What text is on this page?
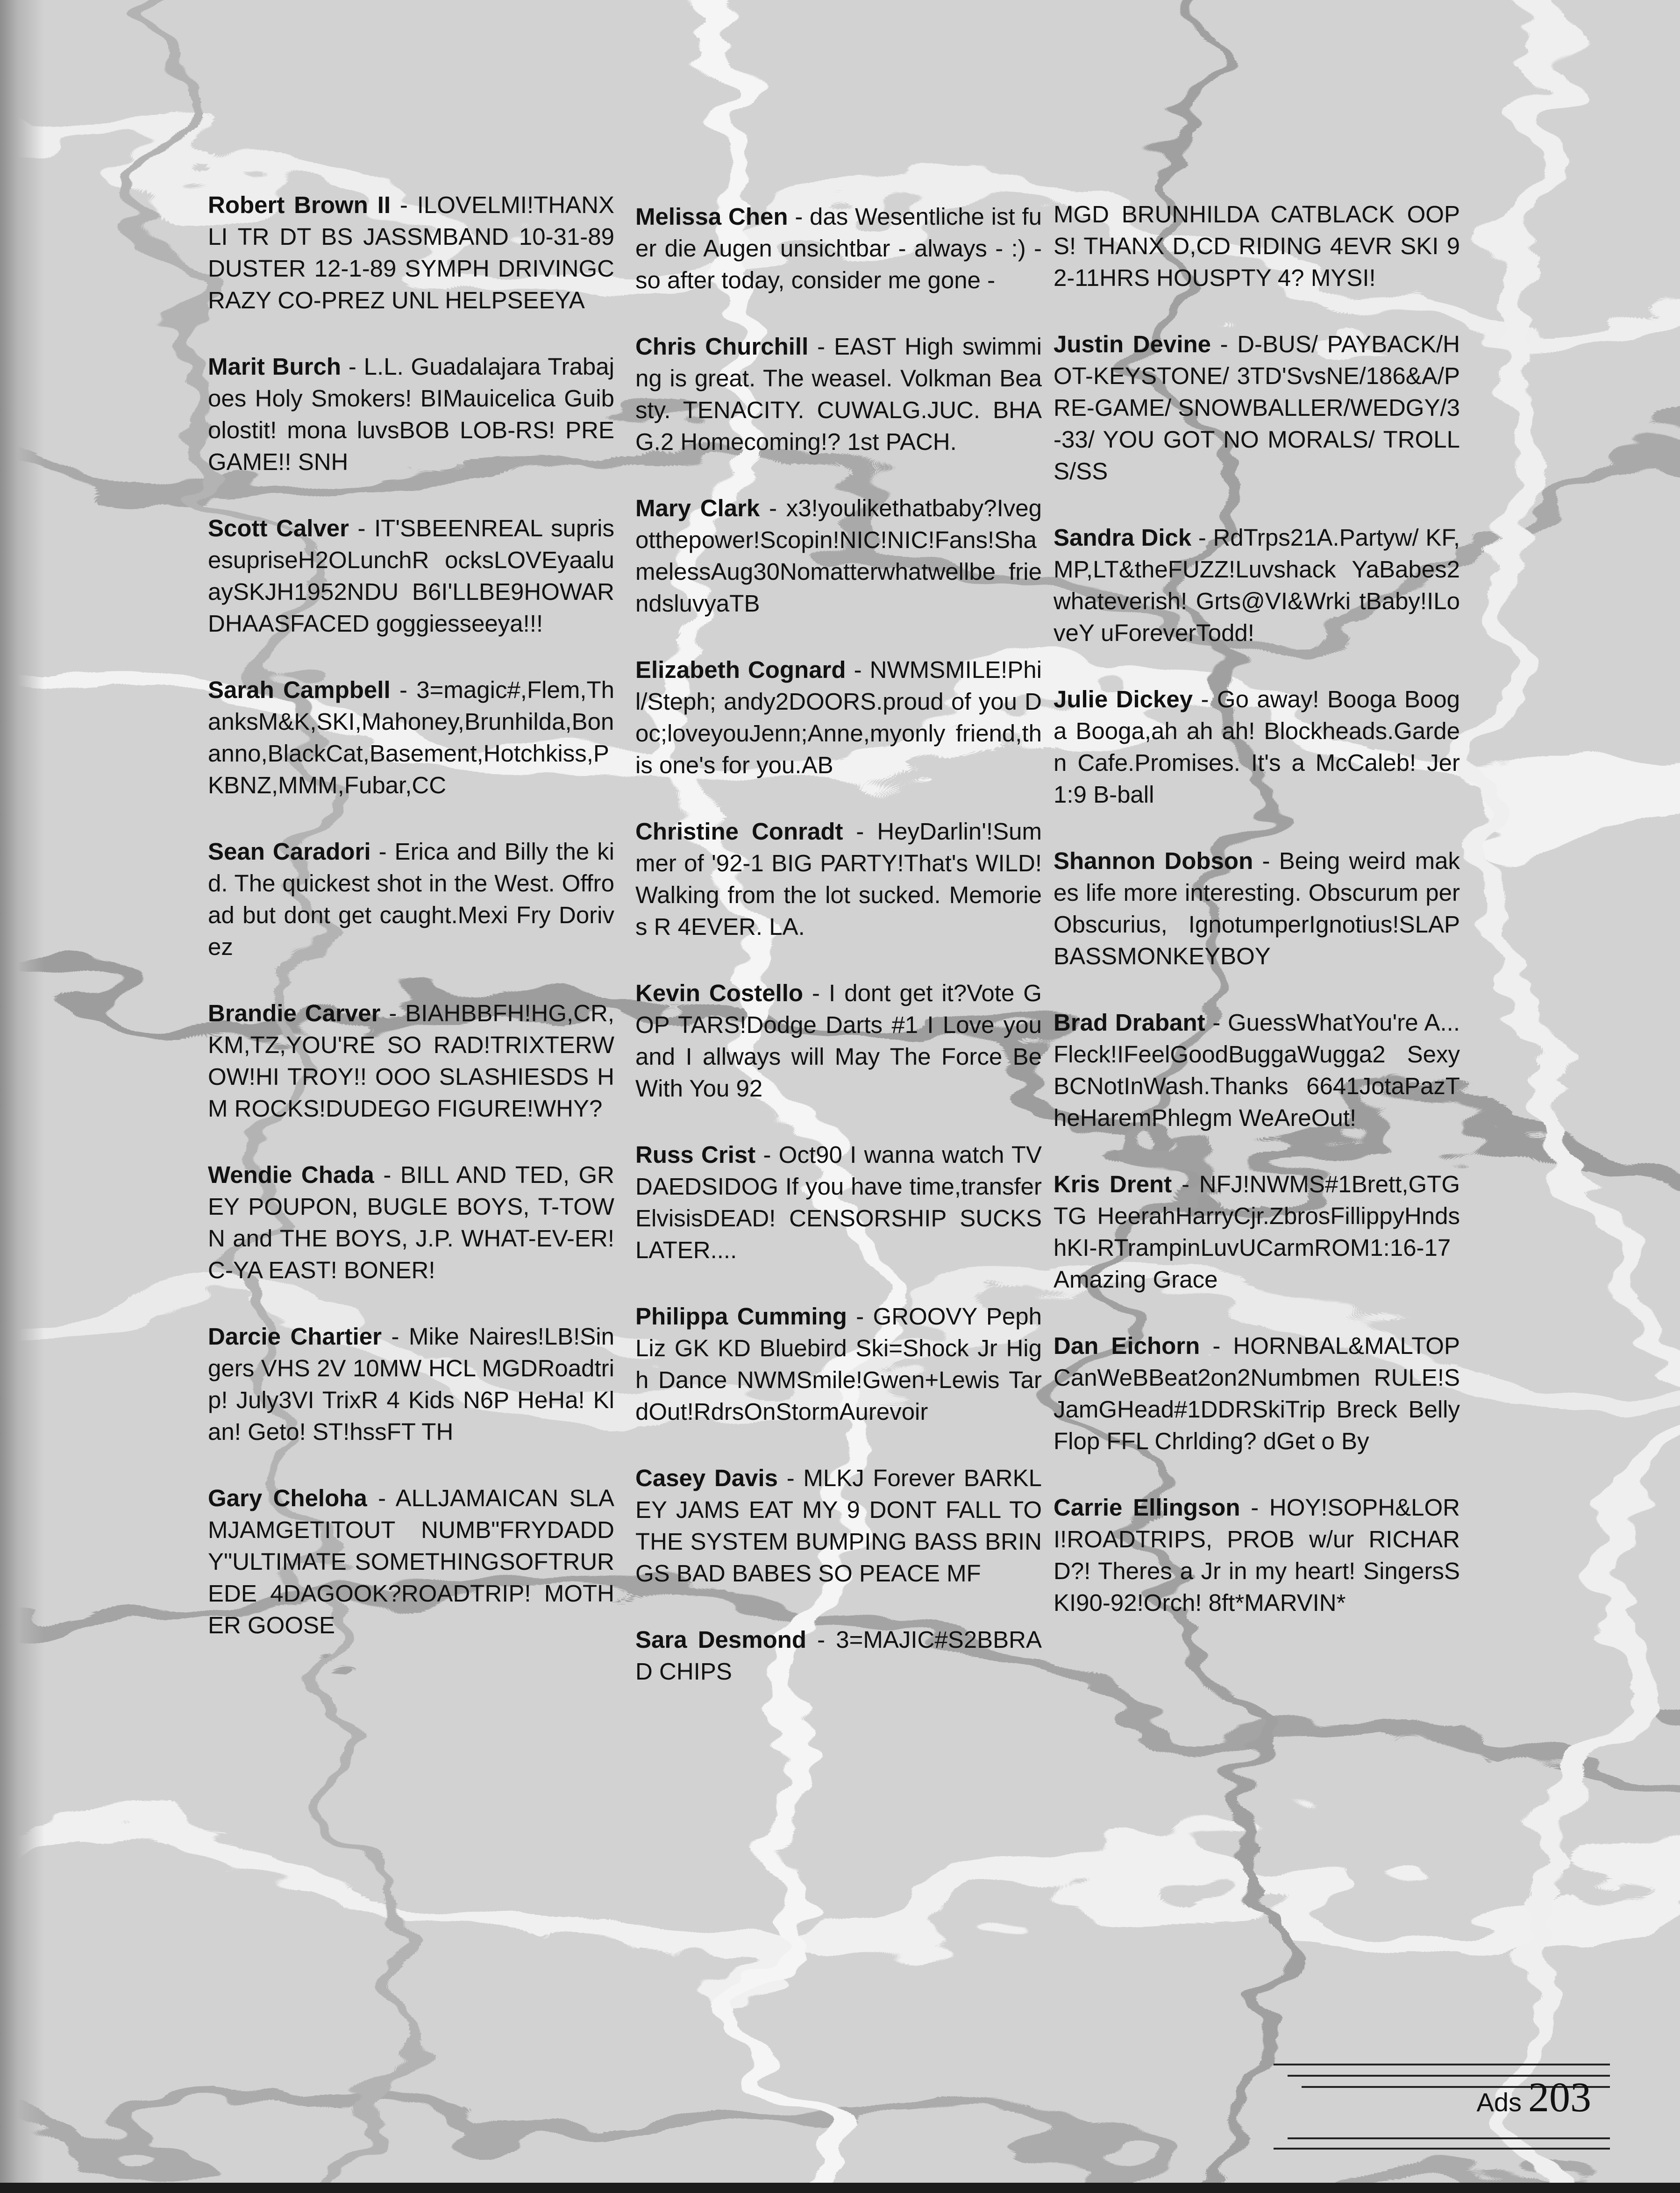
Robert Brown II - ILOVELMI!THANXLI TR DT BS JASSMBAND 10-31-89 DUSTER 12-1-89 SYMPH DRIVINGCRAZY CO-PREZ UNL HELPSEEYA

Marit Burch - L.L. Guadalajara Trabajoes Holy Smokers! BIMauicelica Guibolostit! mona luvsBOB LOB-RS! PREGAME!! SNH

Scott Calver - IT'SBEENREAL suprisesupriseH2OLunchR ocksLOVEyaaluaySKJH1952NDU B6I'LLBE9HOWARDHAASFACED goggiesseeya!!!

Sarah Campbell - 3=magic#,Flem,ThanksM&K,SKI,Mahoney,Brunhilda,Bonanno,BlackCat,Basement,Hotchkiss,PKBNZ,MMM,Fubar,CC

Sean Caradori - Erica and Billy the kid. The quickest shot in the West. Offroad but dont get caught.Mexi Fry Dorivez

Brandie Carver - BIAHBBFH!HG,CR,KM,TZ,YOU'RE SO RAD!TRIXTERWOW!HI TROY!! OOO SLASHIESDS HM ROCKS!DUDEGO FIGURE!WHY?

Wendie Chada - BILL AND TED, GREY POUPON, BUGLE BOYS, T-TOWN and THE BOYS, J.P. WHAT-EV-ER! C-YA EAST! BONER!

Darcie Chartier - Mike Naires!LB!Singers VHS 2V 10MW HCL MGDRoadtrip! July3VI TrixR 4 Kids N6P HeHa! Klan! Geto! ST!hssFT TH

Gary Cheloha - ALLJAMAICAN SLAMJAMGETITOUT NUMB"FRYDADDY"ULTIMATE SOMETHINGSOFTRUREDE 4DAGOOK?ROADTRIP! MOTHER GOOSE

Melissa Chen - das Wesentliche ist fuer die Augen unsichtbar - always - :) - so after today, consider me gone -

Chris Churchill - EAST High swimming is great. The weasel. Volkman Beasty. TENACITY. CUWALG.JUC. BHAG.2 Homecoming!? 1st PACH.

Mary Clark - x3!youlikethatbaby?Ivegotthepower!Scopin!NIC!NIC!Fans!ShamelessAug30Nomatterwhatwellbe friendsluvyaTB

Elizabeth Cognard - NWMSMILE!Phil/Steph; andy2DOORS.proud of you Doc;loveyouJenn;Anne,myonly friend,this one's for you.AB

Christine Conradt - HeyDarlin'!Summer of '92-1 BIG PARTY!That's WILD! Walking from the lot sucked. Memories R 4EVER. LA.

Kevin Costello - I dont get it?Vote GOP TARS!Dodge Darts #1 I Love you and I allways will May The Force Be With You 92

Russ Crist - Oct90 I wanna watch TV DAEDSIDOG If you have time,transfer ElvisisDEAD! CENSORSHIP SUCKS LATER....

Philippa Cumming - GROOVY Peph Liz GK KD Bluebird Ski=Shock Jr High Dance NWMSmile!Gwen+Lewis TardOut!RdrsOnStormAurevoir

Casey Davis - MLKJ Forever BARKLEY JAMS EAT MY 9 DONT FALL TO THE SYSTEM BUMPING BASS BRINGS BAD BABES SO PEACE MF

Sara Desmond - 3=MAJIC#S2BBRAD CHIPS

MGD BRUNHILDA CATBLACK OOPS! THANX D,CD RIDING 4EVR SKI 92-11HRS HOUSPTY 4? MYSI!

Justin Devine - D-BUS/ PAYBACK/HOT-KEYSTONE/ 3TD'SvsNE/186&A/PRE-GAME/ SNOWBALLER/WEDGY/3-33/ YOU GOT NO MORALS/ TROLLS/SS

Sandra Dick - RdTrps21A.Partyw/ KF,MP,LT&theFUZZ!Luvshack YaBabes2whateverish! Grts@VI&Wrki tBaby!ILoveY uForeverTodd!

Julie Dickey - Go away! Booga Booga Booga,ah ah ah! Blockheads.Garden Cafe.Promises. It's a McCaleb! Jer 1:9 B-ball

Shannon Dobson - Being weird makes life more interesting. Obscurum per Obscurius, IgnotumperIgnotius!SLAP BASSMONKEYBOY

Brad Drabant - GuessWhatYou're A...Fleck!IFeelGoodBuggaWugga2 SexyBCNotInWash.Thanks 6641JotaPazTheHaremPhlegm WeAreOut!

Kris Drent - NFJ!NWMS#1Brett,GTGTG HeerahHarryCjr.ZbrosFillippyHndshKI-RTrampinLuvUCarmROM1:16-17Amazing Grace

Dan Eichorn - HORNBAL&MALTOP CanWeBBeat2on2Numbmen RULE!SJamGHead#1DDRSkiTrip Breck Belly Flop FFL Chrlding? dGet o By

Carrie Ellingson - HOY!SOPH&LORI!ROADTRIPS, PROB w/ur RICHARD?! Theres a Jr in my heart! SingersSKI90-92!Orch! 8ft*MARVIN*

Ads 203
